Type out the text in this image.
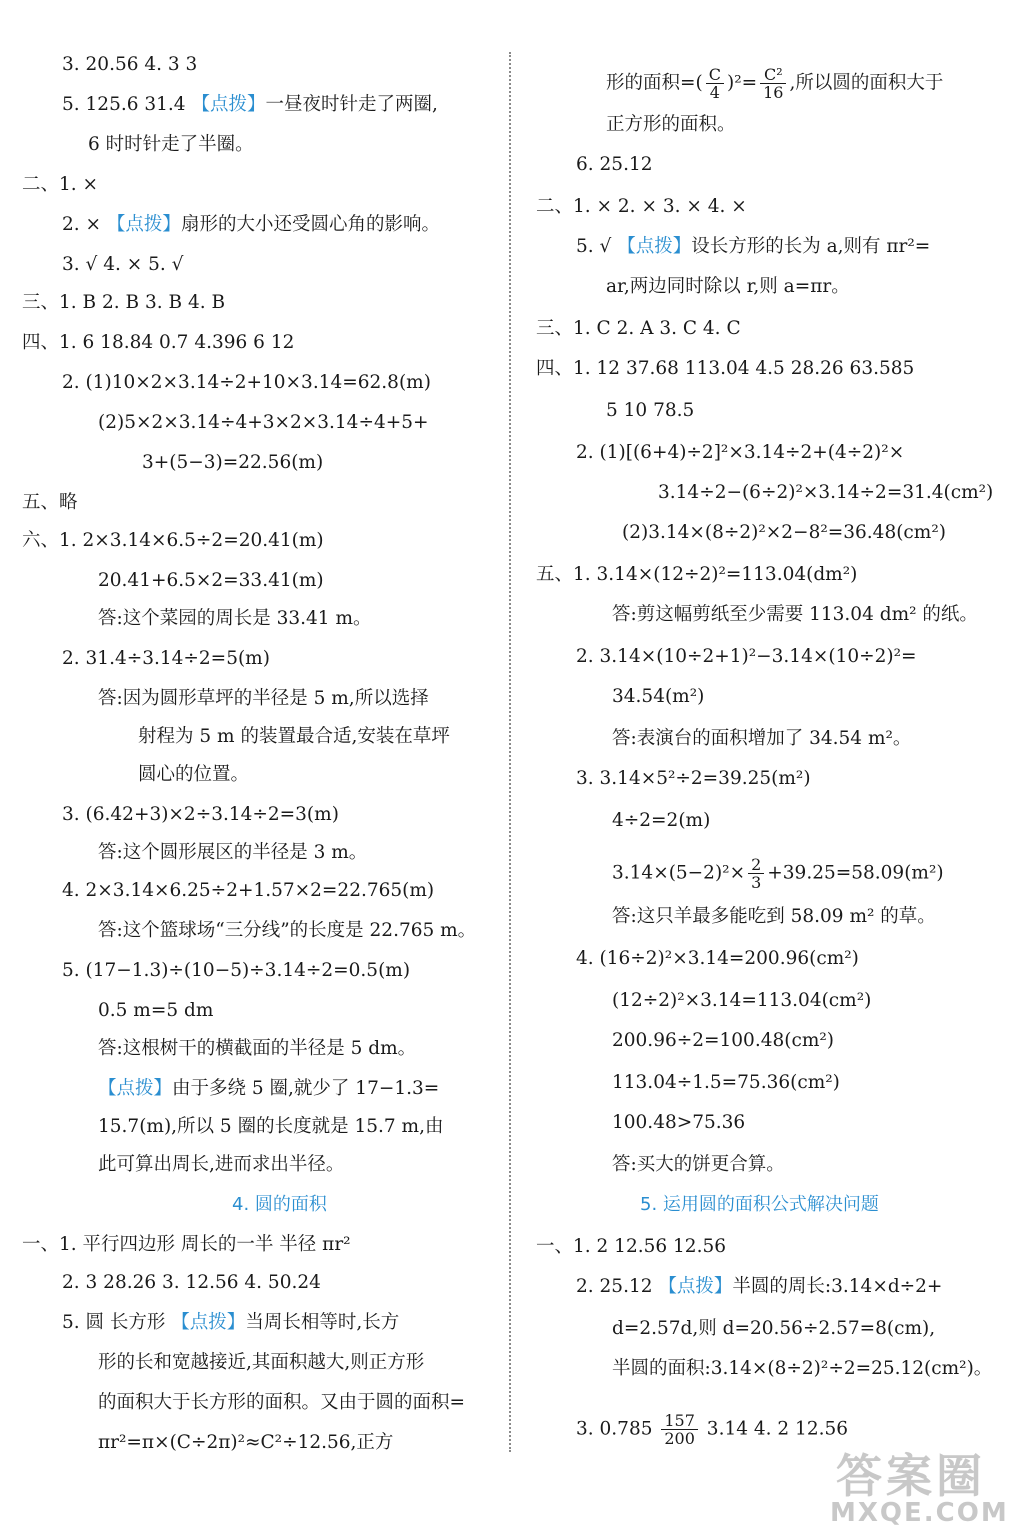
3. 20.56 4. 3 3
5. 125.6 31.4 【点拨】一昼夜时针走了两圈,
6 时时针走了半圈。
二、1. ×
2. × 【点拨】扇形的大小还受圆心角的影响。
3. √ 4. × 5. √
三、1. B 2. B 3. B 4. B
四、1. 6 18.84 0.7 4.396 6 12
2. (1)10×2×3.14÷2+10×3.14=62.8(m)
(2)5×2×3.14÷4+3×2×3.14÷4+5+
3+(5−3)=22.56(m)
五、略
六、1. 2×3.14×6.5÷2=20.41(m)
20.41+6.5×2=33.41(m)
答:这个菜园的周长是 33.41 m。
2. 31.4÷3.14÷2=5(m)
答:因为圆形草坪的半径是 5 m,所以选择
射程为 5 m 的装置最合适,安装在草坪
圆心的位置。
3. (6.42+3)×2÷3.14÷2=3(m)
答:这个圆形展区的半径是 3 m。
4. 2×3.14×6.25÷2+1.57×2=22.765(m)
答:这个篮球场“三分线”的长度是 22.765 m。
5. (17−1.3)÷(10−5)÷3.14÷2=0.5(m)
0.5 m=5 dm
答:这根树干的横截面的半径是 5 dm。
【点拨】由于多绕 5 圈,就少了 17−1.3=
15.7(m),所以 5 圈的长度就是 15.7 m,由
此可算出周长,进而求出半径。
一、1. 平行四边形 周长的一半 半径 πr²
2. 3 28.26 3. 12.56 4. 50.24
5. 圆 长方形 【点拨】当周长相等时,长方
形的长和宽越接近,其面积越大,则正方形
的面积大于长方形的面积。又由于圆的面积=
πr²=π×(C÷2π)²≈C²÷12.56,正方
形的面积=( $\frac{C}{4} )^2= \frac{\text{C²}}{16}$ ,所以圆的面积大于
正方形的面积。
6. 25.12
二、1. × 2. × 3. × 4. ×
5. √ 【点拨】设长方形的长为 a,则有 πr²=
ar,两边同时除以 r,则 a=πr。
三、1. C 2. A 3. C 4. C
四、1. 12 37.68 113.04 4.5 28.26 63.585
5 10 78.5
2. (1)[(6+4)÷2]²×3.14÷2+(4÷2)²×
3.14÷2−(6÷2)²×3.14÷2=31.4(cm²)
(2)3.14×(8÷2)²×2−8²=36.48(cm²)
五、1. 3.14×(12÷2)²=113.04(dm²)
答:剪这幅剪纸至少需要 113.04 dm² 的纸。
2. 3.14×(10÷2+1)²−3.14×(10÷2)²=
34.54(m²)
答:表演台的面积增加了 34.54 m²。
3. 3.14×5²÷2=39.25(m²)
4÷2=2(m)
$3.14\times(5-2)^2\times \frac{2}{3} +39.25=58.09(m^2)$
答:这只羊最多能吃到 58.09 m² 的草。
4. (16÷2)²×3.14=200.96(cm²)
(12÷2)²×3.14=113.04(cm²)
200.96÷2=100.48(cm²)
113.04÷1.5=75.36(cm²)
100.48>75.36
答:买大的饼更合算。
一、1. 2 12.56 12.56
2. 25.12 【点拨】半圆的周长:3.14×d÷2+
d=2.57d,则 d=20.56÷2.57=8(cm),
半圆的面积:3.14×(8÷2)²÷2=25.12(cm²)。
3. $0.785 \frac{157}{200} 3.14$ 4. 2 12.56
4. 圆的面积	5. 运用圆的面积公式解决问题
答案圈
MXQE.COM
